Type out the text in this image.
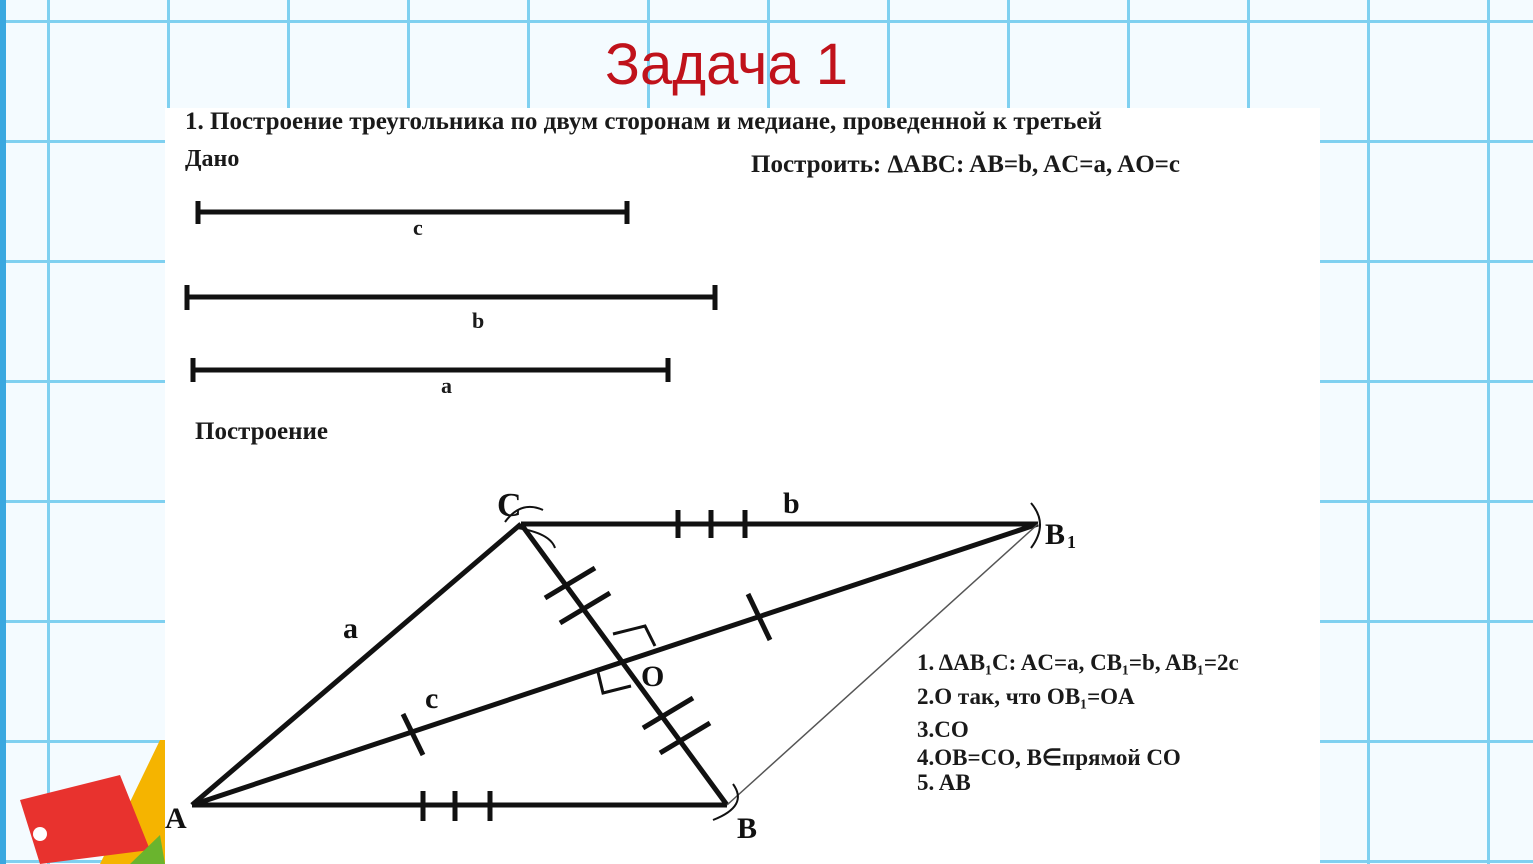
Задача 1
1. Построение треугольника по двум сторонам и медиане, проведенной к третьей
Дано	Построить: ΔABC: AB=b, AC=a, AO=c
c
b
a
Построение
A	B
C
B 1
O
a
b
c
1. ΔAB₁C: AC=a, CB₁=b, AB₁=2c
2.O так, что OB₁=OA
3.CO
4.OB=CO, B∈прямой CO
5. AB
